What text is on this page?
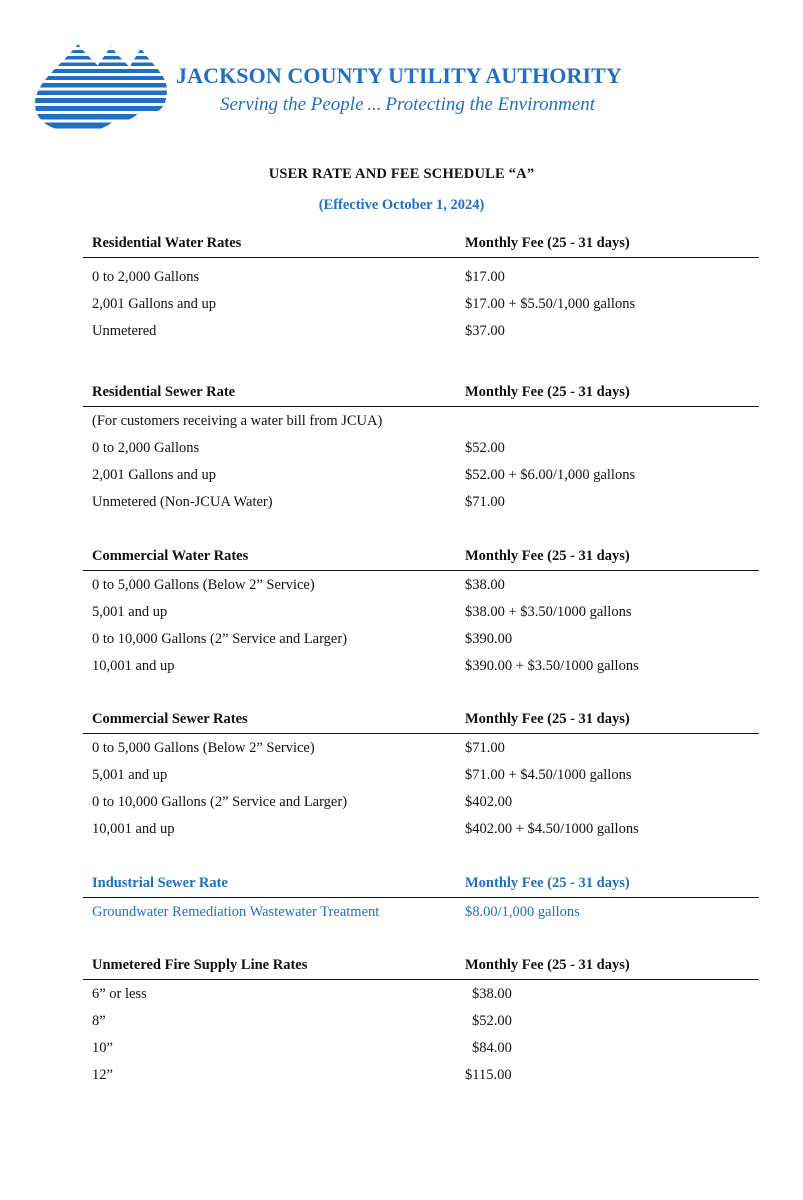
JACKSON COUNTY UTILITY AUTHORITY
Serving the People ... Protecting the Environment
USER RATE AND FEE SCHEDULE “A”
(Effective October 1, 2024)
Residential Water Rates	Monthly Fee (25 - 31 days)
0 to 2,000 Gallons	$17.00
2,001 Gallons and up	$17.00 + $5.50/1,000 gallons
Unmetered	$37.00
Residential Sewer Rate	Monthly Fee (25 - 31 days)
(For customers receiving a water bill from JCUA)
0 to 2,000 Gallons	$52.00
2,001 Gallons and up	$52.00 + $6.00/1,000 gallons
Unmetered (Non-JCUA Water)	$71.00
Commercial Water Rates	Monthly Fee (25 - 31 days)
0 to 5,000 Gallons (Below 2” Service)	$38.00
5,001 and up	$38.00 + $3.50/1000 gallons
0 to 10,000 Gallons (2” Service and Larger)	$390.00
10,001 and up	$390.00 + $3.50/1000 gallons
Commercial Sewer Rates	Monthly Fee (25 - 31 days)
0 to 5,000 Gallons (Below 2” Service)	$71.00
5,001 and up	$71.00 + $4.50/1000 gallons
0 to 10,000 Gallons (2” Service and Larger)	$402.00
10,001 and up	$402.00 + $4.50/1000 gallons
Industrial Sewer Rate	Monthly Fee (25 - 31 days)
Groundwater Remediation Wastewater Treatment	$8.00/1,000 gallons
Unmetered Fire Supply Line Rates	Monthly Fee (25 - 31 days)
6” or less	$38.00
8”	$52.00
10”	$84.00
12”	$115.00
